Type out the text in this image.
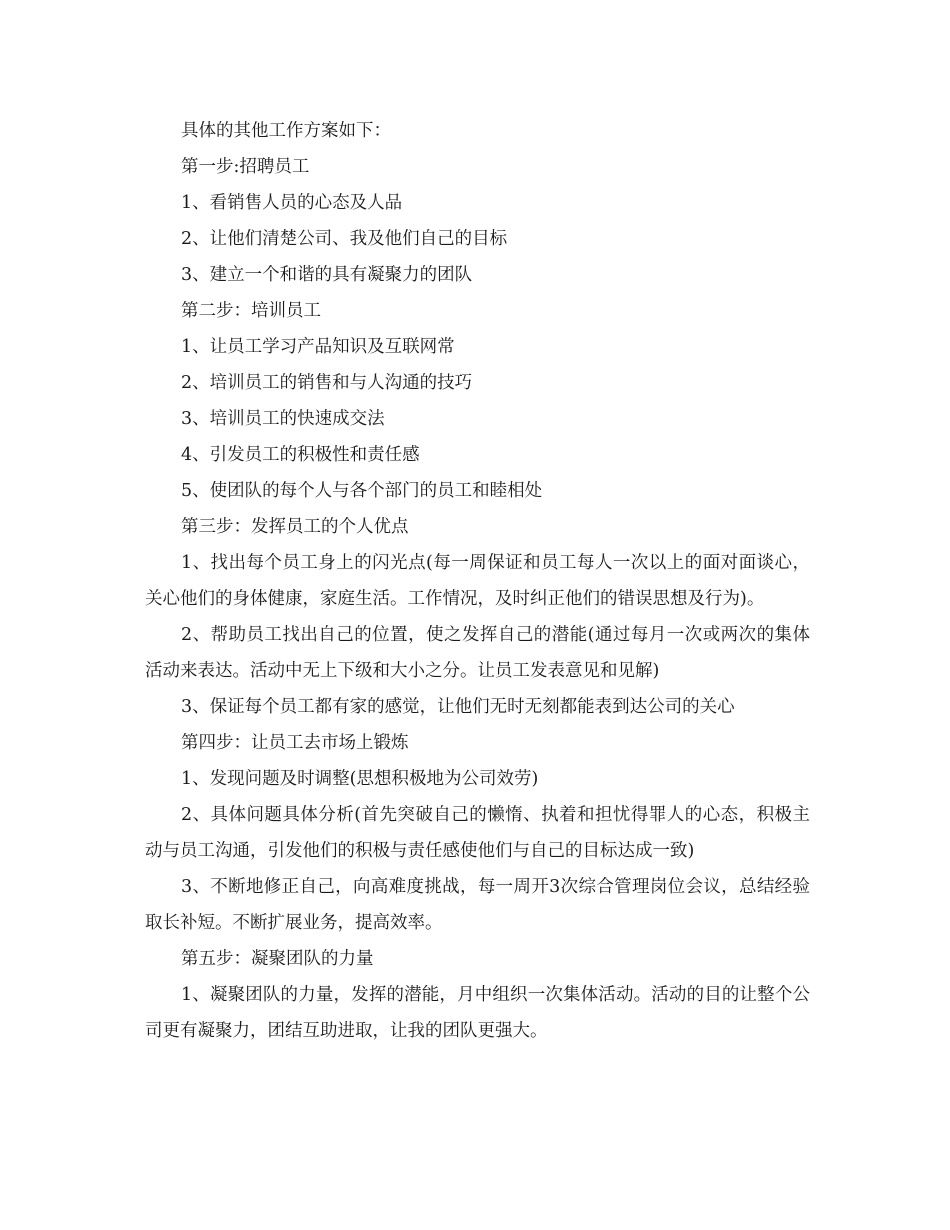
具体的其他工作方案如下：

第一步:招聘员工

1、看销售人员的心态及人品

2、让他们清楚公司、我及他们自己的目标

3、建立一个和谐的具有凝聚力的团队

第二步：培训员工

1、让员工学习产品知识及互联网常

2、培训员工的销售和与人沟通的技巧

3、培训员工的快速成交法

4、引发员工的积极性和责任感

5、使团队的每个人与各个部门的员工和睦相处

第三步：发挥员工的个人优点

1、找出每个员工身上的闪光点(每一周保证和员工每人一次以上的面对面谈心，关心他们的身体健康，家庭生活。工作情况，及时纠正他们的错误思想及行为)。

2、帮助员工找出自己的位置，使之发挥自己的潜能(通过每月一次或两次的集体活动来表达。活动中无上下级和大小之分。让员工发表意见和见解)

3、保证每个员工都有家的感觉，让他们无时无刻都能表到达公司的关心

第四步：让员工去市场上锻炼

1、发现问题及时调整(思想积极地为公司效劳)

2、具体问题具体分析(首先突破自己的懒惰、执着和担忧得罪人的心态，积极主动与员工沟通，引发他们的积极与责任感使他们与自己的目标达成一致)

3、不断地修正自己，向高难度挑战，每一周开3次综合管理岗位会议，总结经验取长补短。不断扩展业务，提高效率。

第五步：凝聚团队的力量

1、凝聚团队的力量，发挥的潜能，月中组织一次集体活动。活动的目的让整个公司更有凝聚力，团结互助进取，让我的团队更强大。
